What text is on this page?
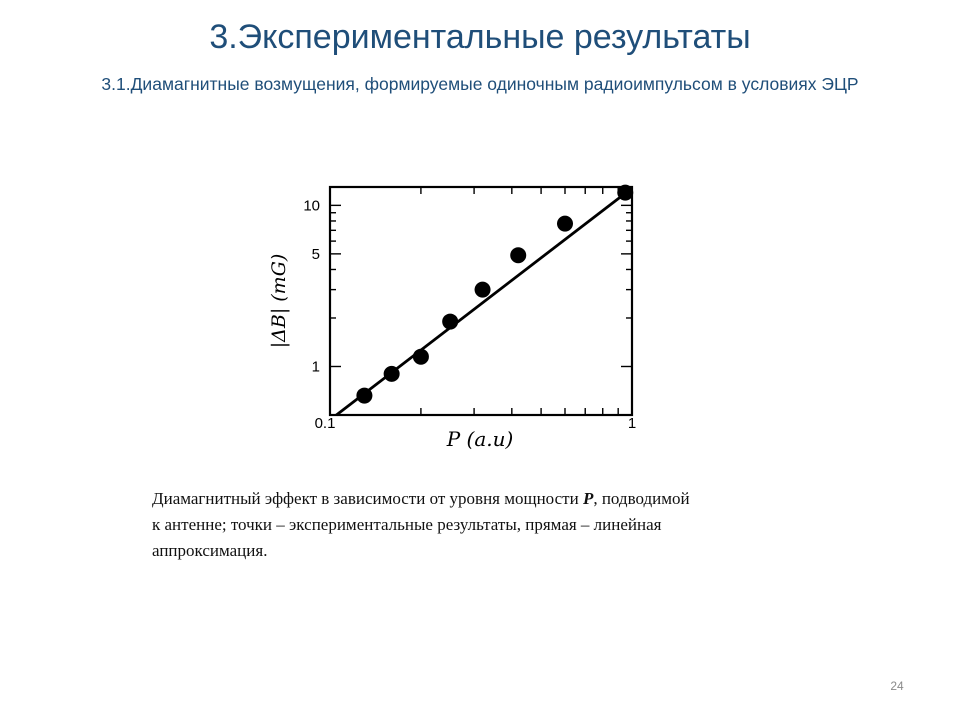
3.Экспериментальные результаты
3.1.Диамагнитные возмущения, формируемые одиночным радиоимпульсом в условиях ЭЦР
0.1	1
1
5
10
P (a.u)
|ΔB| (mG)

Диамагнитный эффект в зависимости от уровня мощности P, подводимой

к антенне; точки – экспериментальные результаты, прямая – линейная

аппроксимация.

24
